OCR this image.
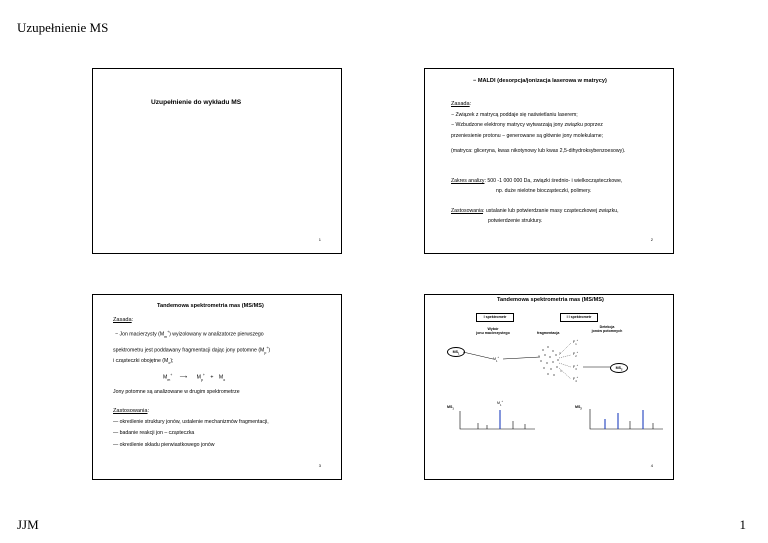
Uzupełnienie MS
Uzupełnienie do wykładu MS
1
− MALDI (desorpcja/jonizacja laserowa w matrycy)
Zasada:
− Związek z matrycą poddaje się naświetlaniu laserem;
− Wzbudzone elektrony matrycy wytwarzają jony związku poprzez
przeniesienie protonu − generowane są głównie jony molekularne;
(matryca: gliceryna, kwas nikotynowy lub kwas 2,5-dihydroksybenzoesowy).
Zakres analizy: 500 -1 000 000 Da, związki średnio- i wielkocząsteczkowe,
np. duże nielotne biocząsteczki, polimery.
Zastosowania: ustalanie lub potwierdzanie masy cząsteczkowej związku,
potwierdzenie struktury.
2
Tandemowa spektrometria mas (MS/MS)
Zasada:
− Jon macierzysty $(M_m^+)$ wyizolowany w analizatorze pierwszego
spektrometru jest poddawany fragmentacji dając jony potomne $(M_p^+)$
i cząsteczki obojętne $(M_o)$;
$M_m^+$ ⟶ $M_p^+ + M_o$
Jony potomne są analizowane w drugim spektrometrze
Zastosowania:
— określenie struktury jonów, ustalenie mechanizmów fragmentacji,
— badanie reakcji jon – cząsteczka
— określenie składu pierwiastkowego jonów
3
Tandemowa spektrometria mas (MS/MS)
I spektrometr	I I spektrometr
Wybór
jonu macierzystego	fragmentacja
Detekcja
jonów potomnych
$MS_1$
$MS_2$
$M_1^+$
$F_1^+$
$F_2^+$
$F_3^+$
$F_4^+$
$MS_1$
$MS_2$
$M_1^+$
4
JJM	1
